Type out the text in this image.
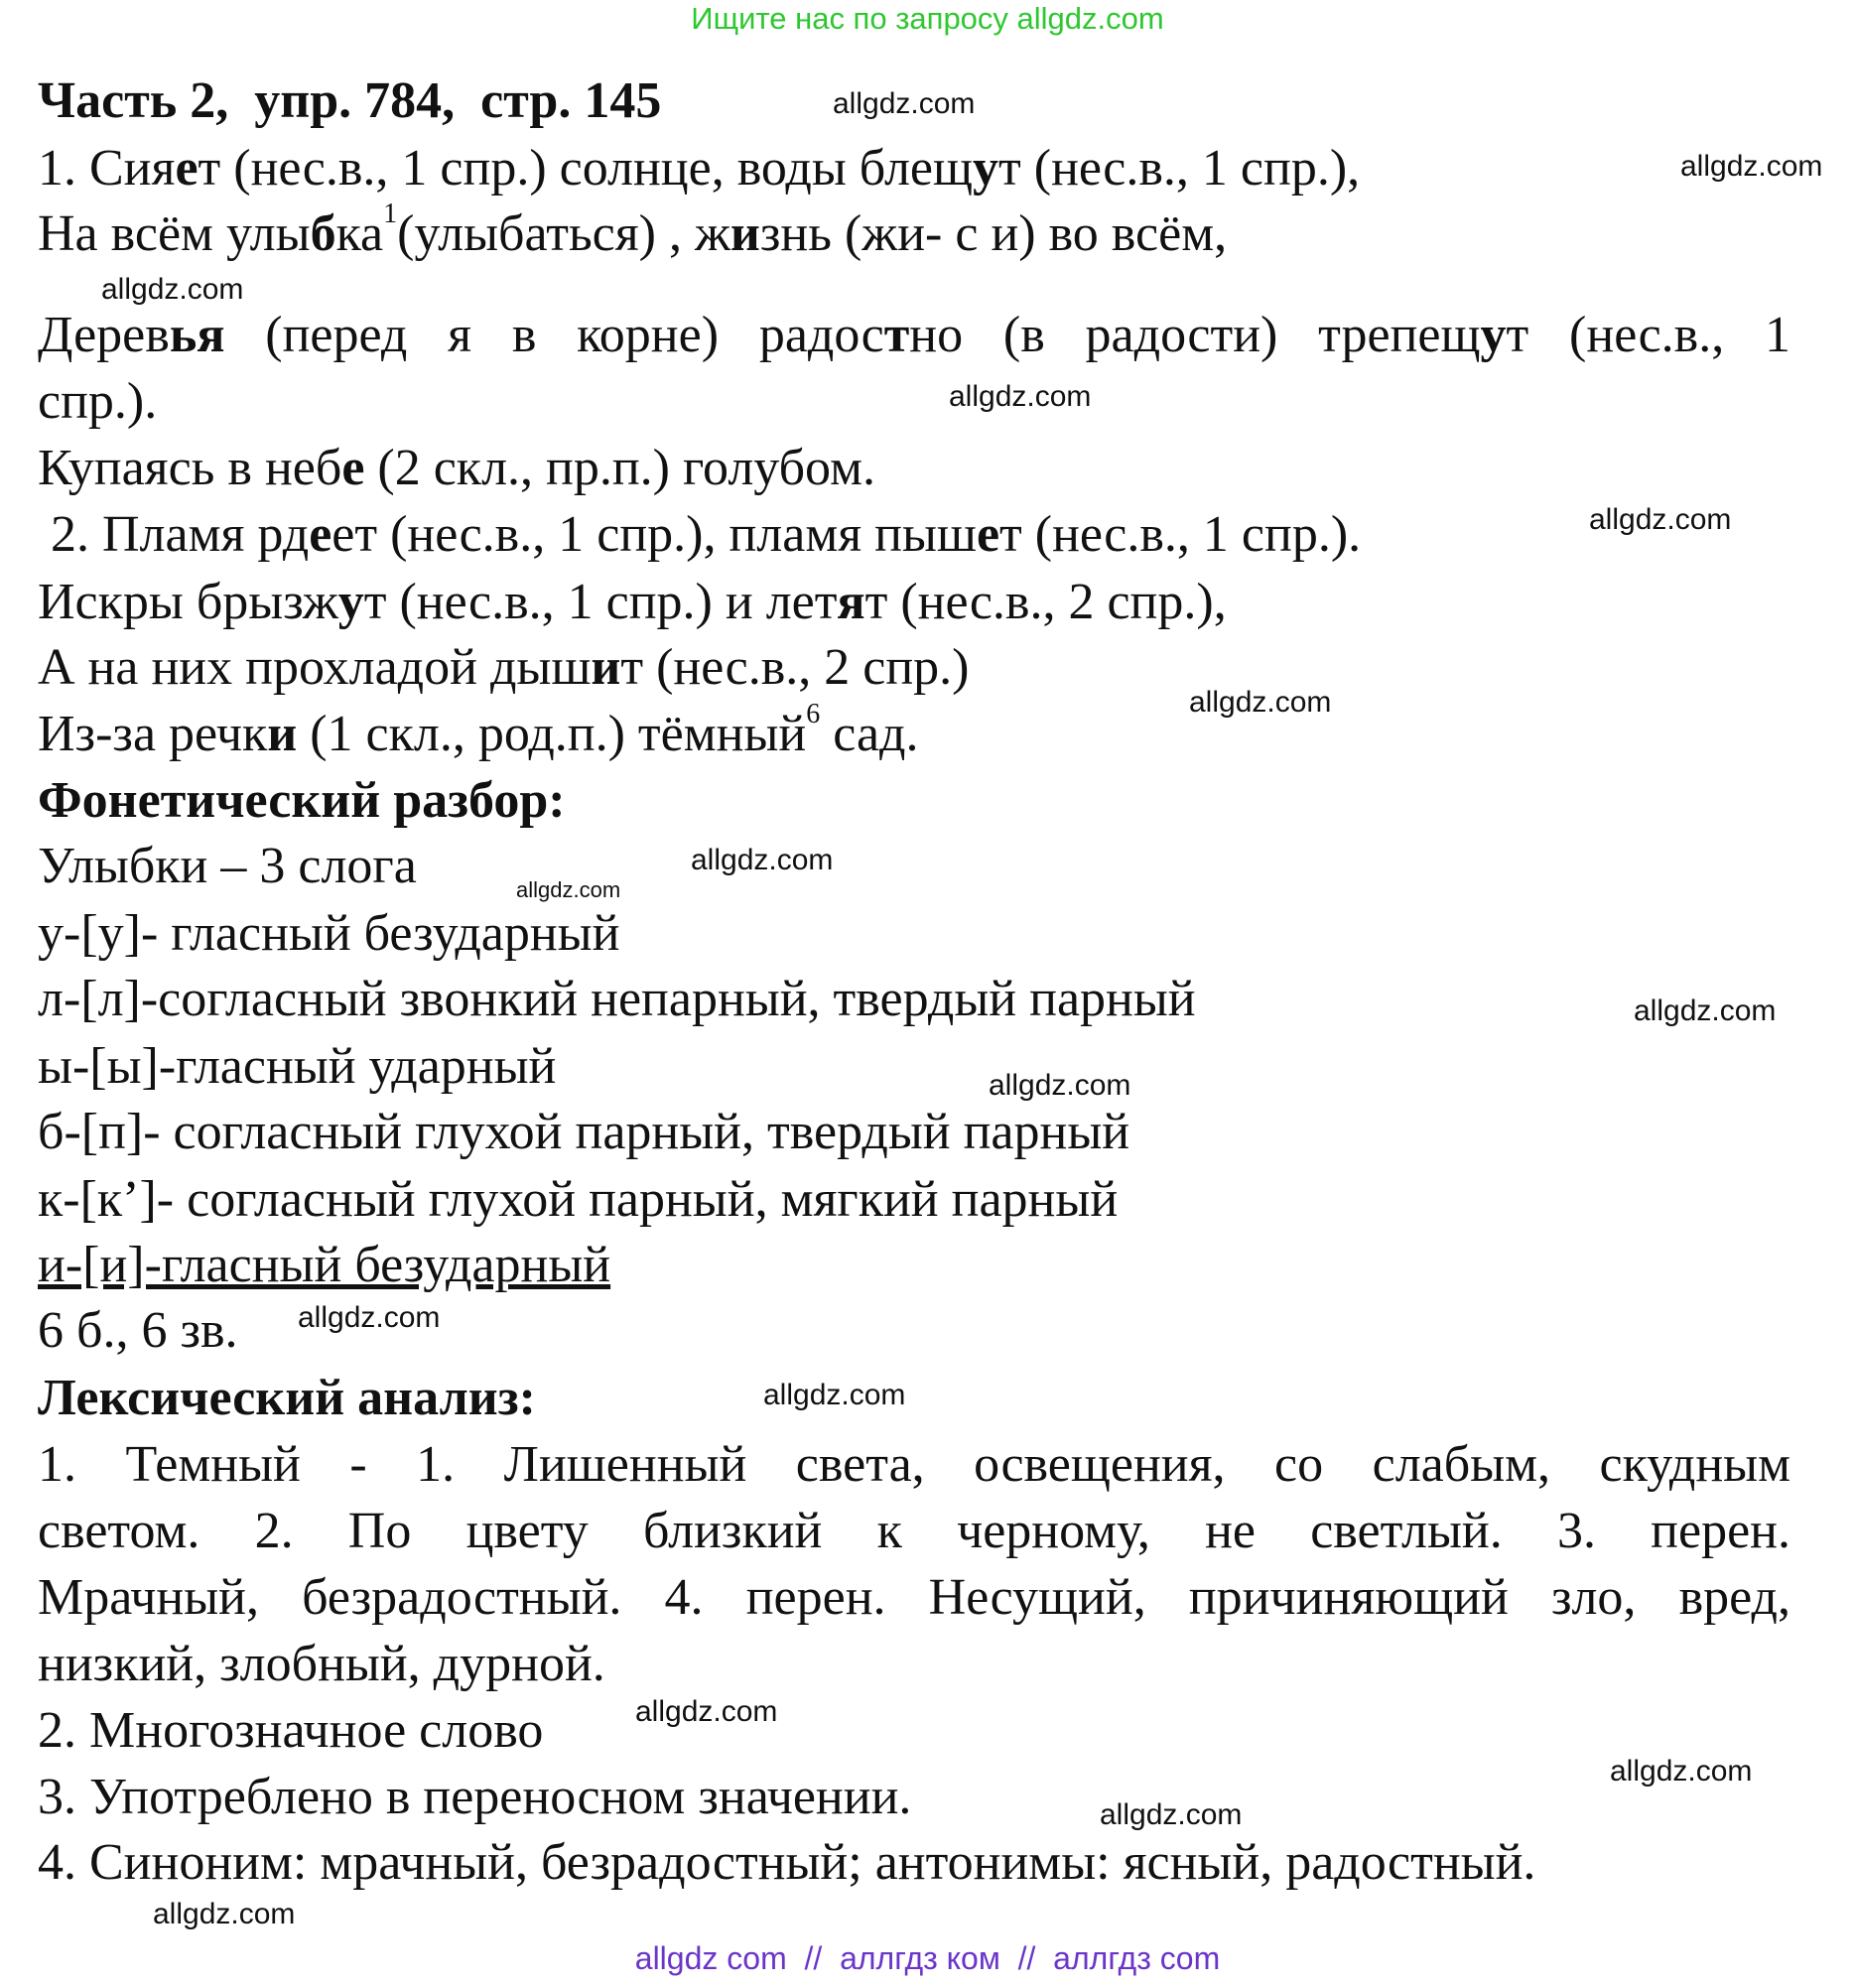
Ищите нас по запросу allgdz.com
Часть 2,  упр. 784,  стр. 145
1. Сияет (нес.в., 1 спр.) солнце, воды блещут (нес.в., 1 спр.),
На всём улыбка$^1$(улыбаться) , жизнь (жи- с и) во всём,
Деревья (перед я в корне) радостно (в радости) трепещут (нес.в., 1
спр.).
Купаясь в небе (2 скл., пр.п.) голубом.
2. Пламя рдеет (нес.в., 1 спр.), пламя пышет (нес.в., 1 спр.).
Искры брызжут (нес.в., 1 спр.) и летят (нес.в., 2 спр.),
А на них прохладой дышит (нес.в., 2 спр.)
Из-за речки (1 скл., род.п.) тёмный$^6$ сад.
Фонетический разбор:
Улыбки – 3 слога
у-[у]- гласный безударный
л-[л]-согласный звонкий непарный, твердый парный
ы-[ы]-гласный ударный
б-[п]- согласный глухой парный, твердый парный
к-[к’]- согласный глухой парный, мягкий парный
и-[и]-гласный безударный
6 б., 6 зв.
Лексический анализ:
1. Темный - 1. Лишенный света, освещения, со слабым, скудным
светом. 2. По цвету близкий к черному, не светлый. 3. перен.
Мрачный, безрадостный. 4. перен. Несущий, причиняющий зло, вред,
низкий, злобный, дурной.
2. Многозначное слово
3. Употреблено в переносном значении.
4. Синоним: мрачный, безрадостный; антонимы: ясный, радостный.
allgdz.com
allgdz.com
allgdz.com
allgdz.com
allgdz.com
allgdz.com
allgdz.com
allgdz.com
allgdz.com
allgdz.com
allgdz.com
allgdz.com
allgdz.com
allgdz.com
allgdz.com
allgdz.com
allgdz com  //  аллгдз ком  //  аллгдз com
